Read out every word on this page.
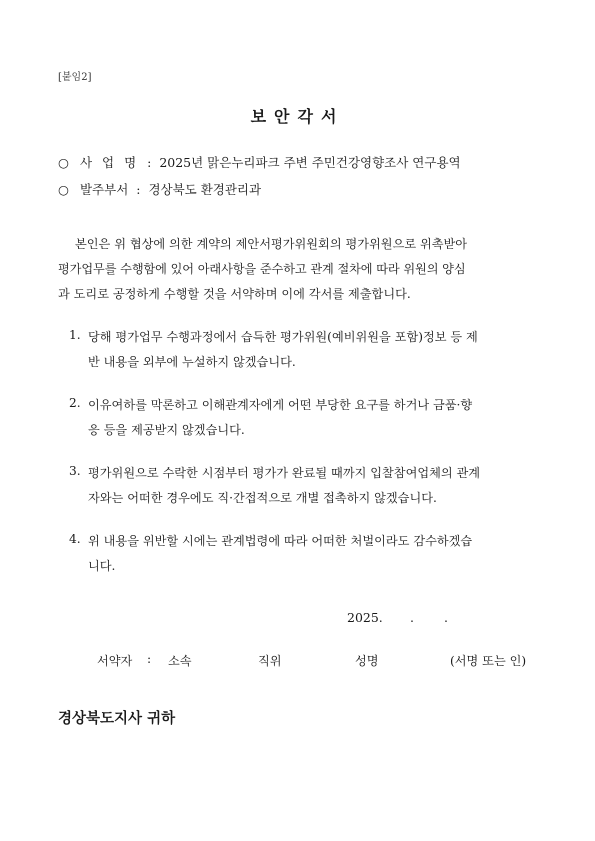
[붙임2]
보안각서
○ 사 업 명  :  2025년 맑은누리파크 주변 주민건강영향조사 연구용역
○ 발주부서  :  경상북도 환경관리과
본인은 위 협상에 의한 계약의 제안서평가위원회의 평가위원으로 위촉받아
평가업무를 수행함에 있어 아래사항을 준수하고 관계 절차에 따라 위원의 양심
과 도리로 공정하게 수행할 것을 서약하며 이에 각서를 제출합니다.
1. 당해 평가업무 수행과정에서 습득한 평가위원(예비위원을 포함)정보 등 제
반 내용을 외부에 누설하지 않겠습니다.
2. 이유여하를 막론하고 이해관계자에게 어떤 부당한 요구를 하거나 금품·향
응 등을 제공받지 않겠습니다.
3. 평가위원으로 수락한 시점부터 평가가 완료될 때까지 입찰참여업체의 관계
자와는 어떠한 경우에도 직·간접적으로 개별 접촉하지 않겠습니다.
4. 위 내용을 위반할 시에는 관계법령에 따라 어떠한 처벌이라도 감수하겠습
니다.
2025. . .
서약자 : 소속	직위	성명	(서명 또는 인)
경상북도지사 귀하
